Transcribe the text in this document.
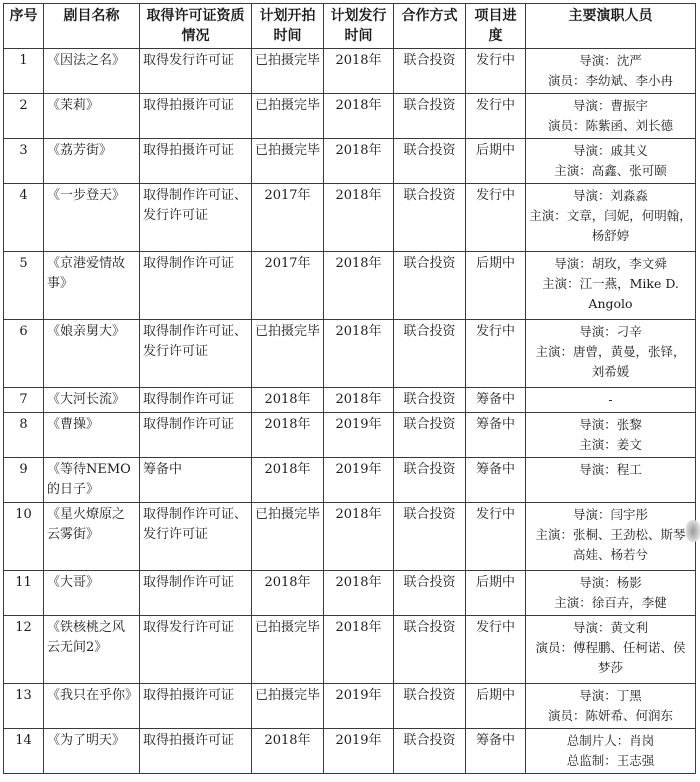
序号	剧目名称	取得许可证资质情况	计划开拍时间	计划发行时间	合作方式	项目进度	主要演职人员
1	《因法之名》	取得发行许可证	已拍摄完毕	2018年	联合投资	发行中	导演：沈严
演员：李幼斌、李小冉

2	《茉莉》	取得拍摄许可证	已拍摄完毕	2018年	联合投资	发行中	导演：曹振宇
演员：陈紫函、刘长德

3	《荔芳街》	取得拍摄许可证	已拍摄完毕	2018年	联合投资	后期中	导演：戚其义
主演：高鑫、张可颐

4	《一步登天》	取得制作许可证、发行许可证	2017年	2018年	联合投资	发行中	导演：刘淼淼
主演：文章，闫妮，何明翰，
杨舒婷

5	《京港爱情故事》	取得制作许可证	2017年	2018年	联合投资	后期中	导演：胡玫，李文舜
主演：江一燕，Mike D.
Angolo

6	《娘亲舅大》	取得制作许可证、发行许可证	已拍摄完毕	2018年	联合投资	发行中	导演：刁辛
主演：唐曾，黄曼，张铎，
刘希媛

7	《大河长流》	取得制作许可证	2018年	2018年	联合投资	筹备中	-

8	《曹操》	取得制作许可证	2018年	2019年	联合投资	筹备中	导演：张黎
主演：姜文

9	《等待NEMO的日子》	筹备中	2018年	2019年	联合投资	筹备中	导演：程工

10	《星火燎原之云雾街》	取得制作许可证、发行许可证	已拍摄完毕	2018年	联合投资	发行中	导演：闫宇彤
主演：张桐、王劲松、斯琴
高娃、杨若兮

11	《大哥》	取得制作许可证	2018年	2018年	联合投资	后期中	导演：杨影
主演：徐百卉，李健

12	《铁核桃之风云无间2》	取得发行许可证	已拍摄完毕	2018年	联合投资	发行中	导演：黄文利
演员：傅程鹏、任柯诺、侯
梦莎

13	《我只在乎你》	取得拍摄许可证	已拍摄完毕	2019年	联合投资	后期中	导演：丁黑
演员：陈妍希、何润东

14	《为了明天》	取得拍摄许可证	2018年	2019年	联合投资	筹备中	总制片人：肖岗
总监制：王志强
